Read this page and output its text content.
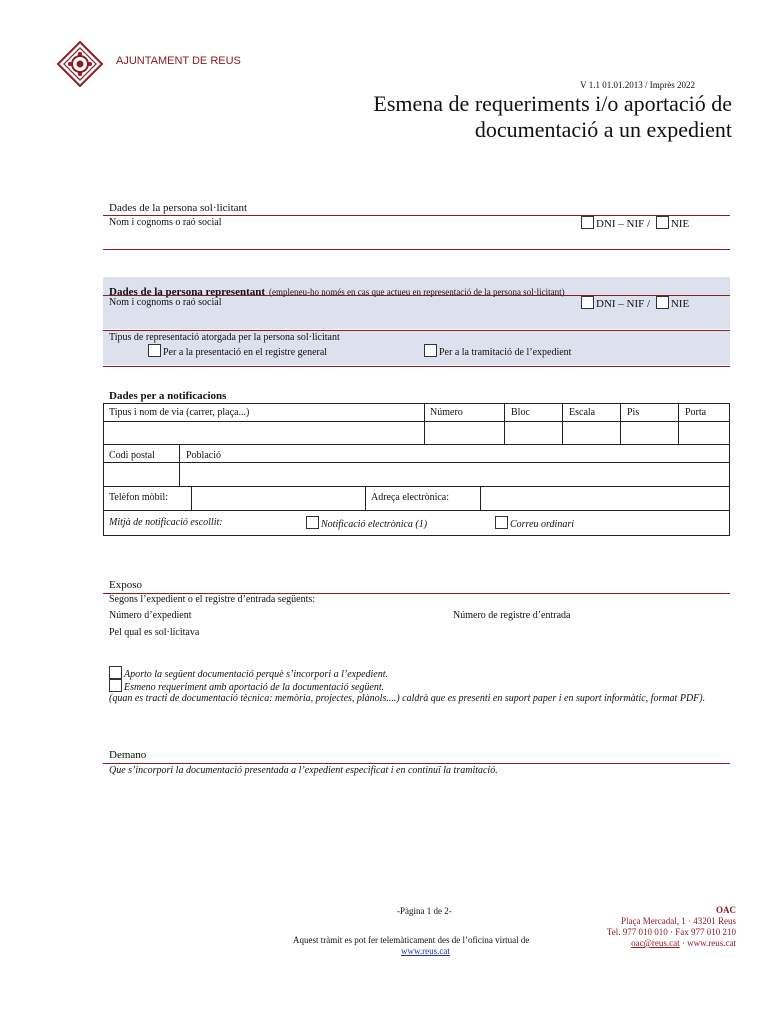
AJUNTAMENT DE REUS
V 1.1 01.01.2013 / Imprès 2022
Esmena de requeriments i/o aportació de
documentació a un expedient
Dades de la persona sol·licitant
Nom i cognoms o raó social	DNI – NIF / NIE
Dades de la persona representant (empleneu-ho només en cas que actueu en representació de la persona sol·licitant)
Nom i cognoms o raó social	DNI – NIF / NIE
Tipus de representació atorgada per la persona sol·licitant
Per a la presentació en el registre general	Per a la tramitació de l’expedient
Dades per a notificacions
Tipus i nom de via (carrer, plaça...)	Número	Bloc	Escala	Pis	Porta
Codi postal	Població
Telèfon mòbil:	Adreça electrònica:
Mitjà de notificació escollit:	Notificació electrònica (1)	Correu ordinari
Exposo
Segons l’expedient o el registre d’entrada següents:
Número d’expedient	Número de registre d’entrada
Pel qual es sol·licitava
Aporto la següent documentació perquè s’incorpori a l’expedient.
Esmeno requeriment amb aportació de la documentació següent.
(quan es tracti de documentació tècnica: memòria, projectes, plànols....) caldrà que es presenti en suport paper i en suport informàtic, format PDF).
Demano
Que s’incorpori la documentació presentada a l’expedient especificat i en continuï la tramitació.
-Pàgina 1 de 2-
Aquest tràmit es pot fer telemàticament des de l’oficina virtual de
www.reus.cat
OAC
Plaça Mercadal, 1 · 43201 Reus
Tel. 977 010 010 · Fax 977 010 210
oac@reus.cat · www.reus.cat
